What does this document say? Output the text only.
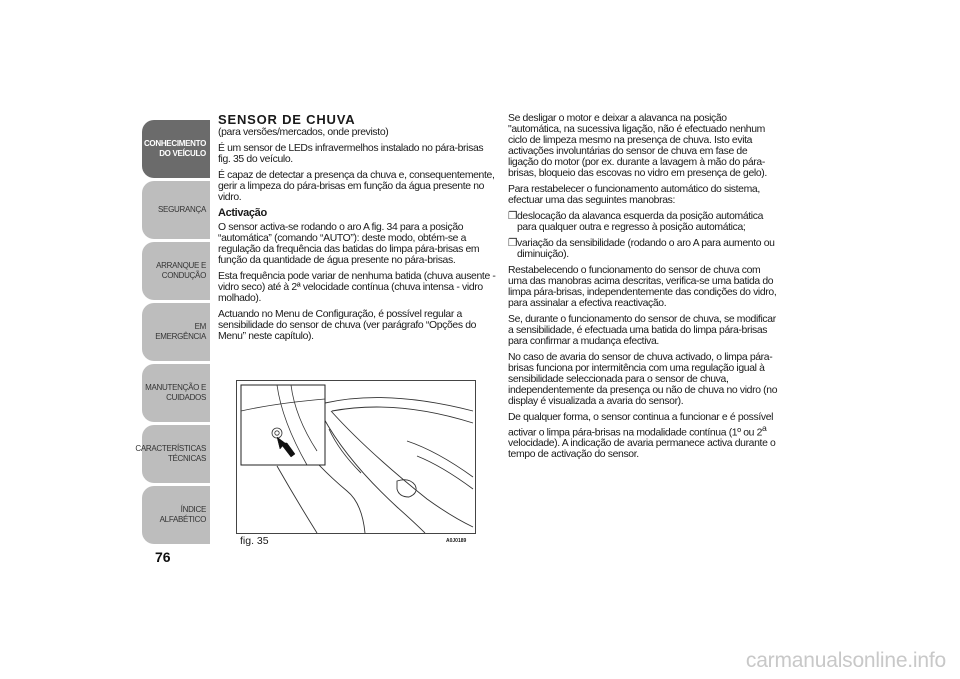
CONHECIMENTO
DO VEÍCULO
SEGURANÇA
ARRANQUE E
CONDUÇÃO
EM EMERGÊNCIA
MANUTENÇÃO E
CUIDADOS
CARACTERÍSTICAS
TÉCNICAS
ÍNDICE ALFABÉTICO
76
SENSOR DE CHUVA

(para versões/mercados, onde previsto)

É um sensor de LEDs infravermelhos instalado no pára-brisas fig. 35 do veículo.

É capaz de detectar a presença da chuva e, consequentemente, gerir a limpeza do pára-brisas em função da água presente no vidro.

Activação

O sensor activa-se rodando o aro A fig. 34 para a posição “automática” (comando “AUTO”): deste modo, obtém-se a regulação da frequência das batidas do limpa pára-brisas em função da quantidade de água presente no pára-brisas.

Esta frequência pode variar de nenhuma batida (chuva ausente - vidro seco) até à 2ª velocidade contínua (chuva intensa - vidro molhado).

Actuando no Menu de Configuração, é possível regular a sensibilidade do sensor de chuva (ver parágrafo “Opções do Menu” neste capítulo).

fig. 35	A0J0189

Se desligar o motor e deixar a alavanca na posição "automática, na sucessiva ligação, não é efectuado nenhum ciclo de limpeza mesmo na presença de chuva. Isto evita activações involuntárias do sensor de chuva em fase de ligação do motor (por ex. durante a lavagem à mão do pára-brisas, bloqueio das escovas no vidro em presença de gelo).

Para restabelecer o funcionamento automático do sistema, efectuar uma das seguintes manobras:

❐ deslocação da alavanca esquerda da posição automática para qualquer outra e regresso à posição automática;
❐ variação da sensibilidade (rodando o aro A para aumento ou diminuição).

Restabelecendo o funcionamento do sensor de chuva com uma das manobras acima descritas, verifica-se uma batida do limpa pára-brisas, independentemente das condições do vidro, para assinalar a efectiva reactivação.

Se, durante o funcionamento do sensor de chuva, se modificar a sensibilidade, é efectuada uma batida do limpa pára-brisas para confirmar a mudança efectiva.

No caso de avaria do sensor de chuva activado, o limpa pára-brisas funciona por intermitência com uma regulação igual à sensibilidade seleccionada para o sensor de chuva, independentemente da presença ou não de chuva no vidro (no display é visualizada a avaria do sensor).

De qualquer forma, o sensor continua a funcionar e é possível activar o limpa pára-brisas na modalidade contínua (1º ou 2$^a$ velocidade). A indicação de avaria permanece activa durante o tempo de activação do sensor.

carmanualsonline.info
